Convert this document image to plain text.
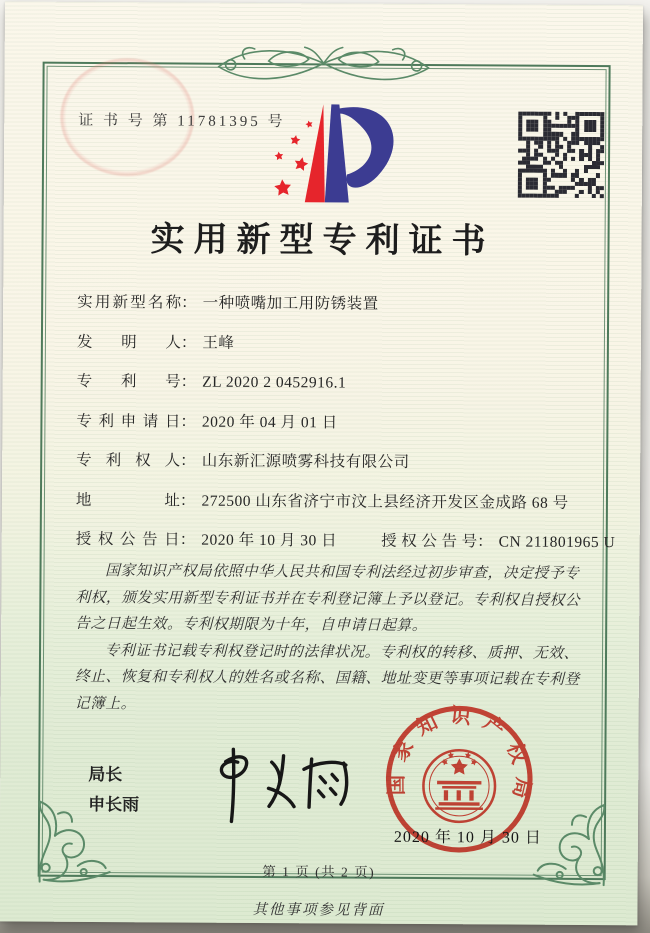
证 书 号 第 11781395 号
实用新型专利证书
实用新型名称： 一种喷嘴加工用防锈装置
发明人： 王峰
专利号： ZL 2020 2 0452916.1
专利申请日： 2020 年 04 月 01 日
专利权人： 山东新汇源喷雾科技有限公司
地址： 272500 山东省济宁市汶上县经济开发区金成路 68 号
授权公告日： 2020 年 10 月 30 日	授权公告号： CN 211801965 U

国家知识产权局依照中华人民共和国专利法经过初步审查，决定授予专利权，颁发实用新型专利证书并在专利登记簿上予以登记。专利权自授权公告之日起生效。专利权期限为十年，自申请日起算。

专利证书记载专利权登记时的法律状况。专利权的转移、质押、无效、终止、恢复和专利权人的姓名或名称、国籍、地址变更等事项记载在专利登记簿上。

局长
申长雨
国家知识产权局
2020 年 10 月 30 日
第 1 页 (共 2 页)
其他事项参见背面
